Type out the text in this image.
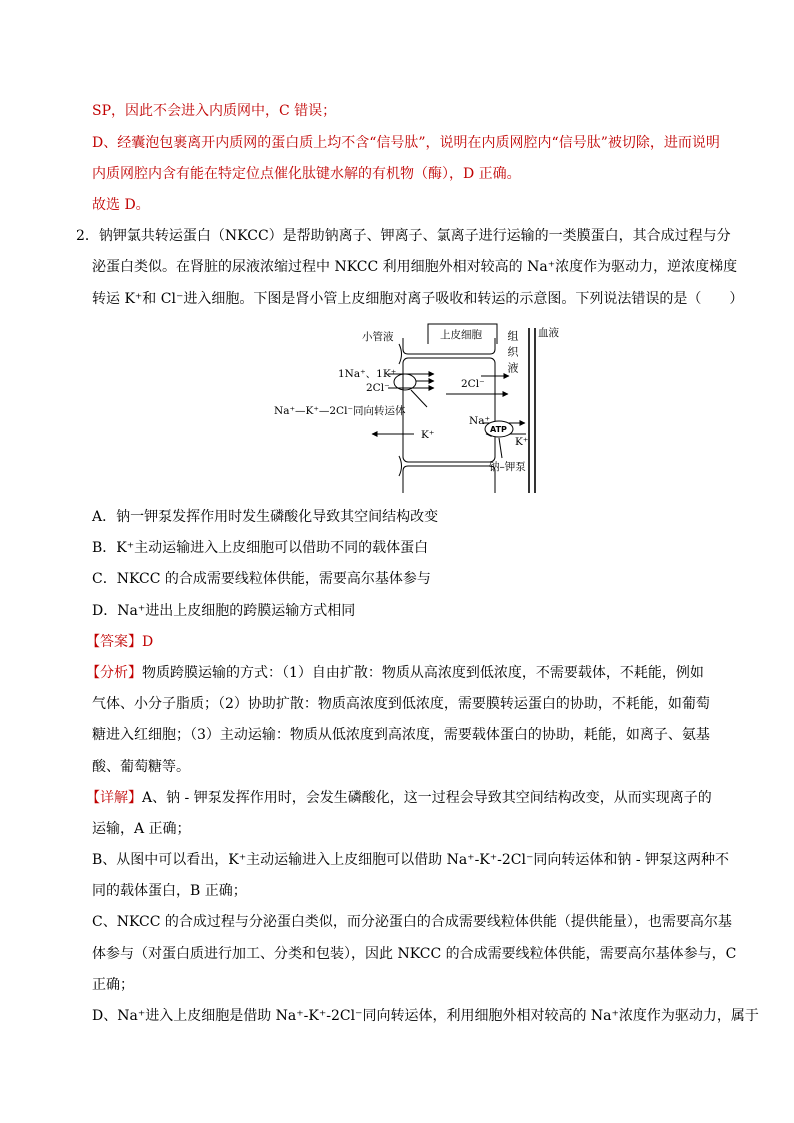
SP，因此不会进入内质网中，C 错误；
D、经囊泡包裹离开内质网的蛋白质上均不含“信号肽”，说明在内质网腔内“信号肽”被切除，进而说明
内质网腔内含有能在特定位点催化肽键水解的有机物（酶），D 正确。
故选 D。
2．钠钾氯共转运蛋白（NKCC）是帮助钠离子、钾离子、氯离子进行运输的一类膜蛋白，其合成过程与分
泌蛋白类似。在肾脏的尿液浓缩过程中 NKCC 利用细胞外相对较高的 Na⁺浓度作为驱动力，逆浓度梯度
转运 K⁺和 Cl⁻进入细胞。下图是肾小管上皮细胞对离子吸收和转运的示意图。下列说法错误的是（　　）
小管液	上皮细胞	血液
1Na⁺、1K⁺
2Cl⁻
Na⁺—K⁺—2Cl⁻同向转运体
2Cl⁻
K⁺	ATP
Na⁺
K⁺
钠–钾泵
组织液
A．钠一钾泵发挥作用时发生磷酸化导致其空间结构改变
B．K⁺主动运输进入上皮细胞可以借助不同的载体蛋白
C．NKCC 的合成需要线粒体供能，需要高尔基体参与
D．Na⁺进出上皮细胞的跨膜运输方式相同
【答案】D
【分析】物质跨膜运输的方式：（1）自由扩散：物质从高浓度到低浓度，不需要载体，不耗能，例如
气体、小分子脂质；（2）协助扩散：物质高浓度到低浓度，需要膜转运蛋白的协助，不耗能，如葡萄
糖进入红细胞；（3）主动运输：物质从低浓度到高浓度，需要载体蛋白的协助，耗能，如离子、氨基
酸、葡萄糖等。
【详解】A、钠 - 钾泵发挥作用时，会发生磷酸化，这一过程会导致其空间结构改变，从而实现离子的
运输，A 正确；
B、从图中可以看出，K⁺主动运输进入上皮细胞可以借助 Na⁺-K⁺-2Cl⁻同向转运体和钠 - 钾泵这两种不
同的载体蛋白，B 正确；
C、NKCC 的合成过程与分泌蛋白类似，而分泌蛋白的合成需要线粒体供能（提供能量），也需要高尔基
体参与（对蛋白质进行加工、分类和包装），因此 NKCC 的合成需要线粒体供能，需要高尔基体参与，C
正确；
D、Na⁺进入上皮细胞是借助 Na⁺-K⁺-2Cl⁻同向转运体，利用细胞外相对较高的 Na⁺浓度作为驱动力，属于
